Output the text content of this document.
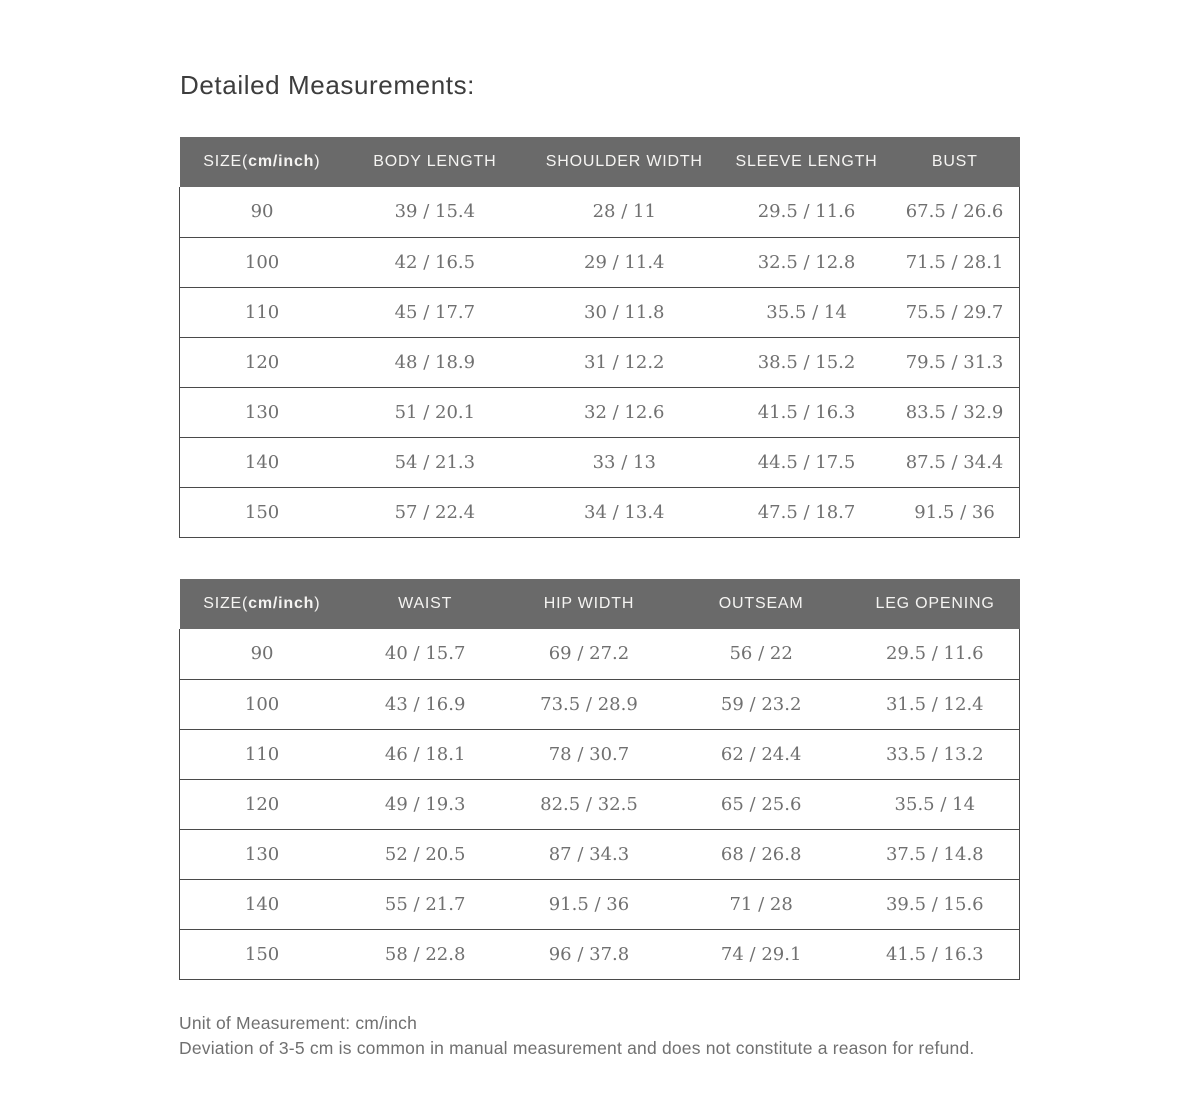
Detailed Measurements:
SIZE(cm/inch)	BODY LENGTH	SHOULDER WIDTH	SLEEVE LENGTH	BUST
90	39 / 15.4	28 / 11	29.5 / 11.6	67.5 / 26.6
100	42 / 16.5	29 / 11.4	32.5 / 12.8	71.5 / 28.1
110	45 / 17.7	30 / 11.8	35.5 / 14	75.5 / 29.7
120	48 / 18.9	31 / 12.2	38.5 / 15.2	79.5 / 31.3
130	51 / 20.1	32 / 12.6	41.5 / 16.3	83.5 / 32.9
140	54 / 21.3	33 / 13	44.5 / 17.5	87.5 / 34.4
150	57 / 22.4	34 / 13.4	47.5 / 18.7	91.5 / 36
SIZE(cm/inch)	WAIST	HIP WIDTH	OUTSEAM	LEG OPENING
90	40 / 15.7	69 / 27.2	56 / 22	29.5 / 11.6
100	43 / 16.9	73.5 / 28.9	59 / 23.2	31.5 / 12.4
110	46 / 18.1	78 / 30.7	62 / 24.4	33.5 / 13.2
120	49 / 19.3	82.5 / 32.5	65 / 25.6	35.5 / 14
130	52 / 20.5	87 / 34.3	68 / 26.8	37.5 / 14.8
140	55 / 21.7	91.5 / 36	71 / 28	39.5 / 15.6
150	58 / 22.8	96 / 37.8	74 / 29.1	41.5 / 16.3

Unit of Measurement: cm/inch

Deviation of 3-5 cm is common in manual measurement and does not constitute a reason for refund.
